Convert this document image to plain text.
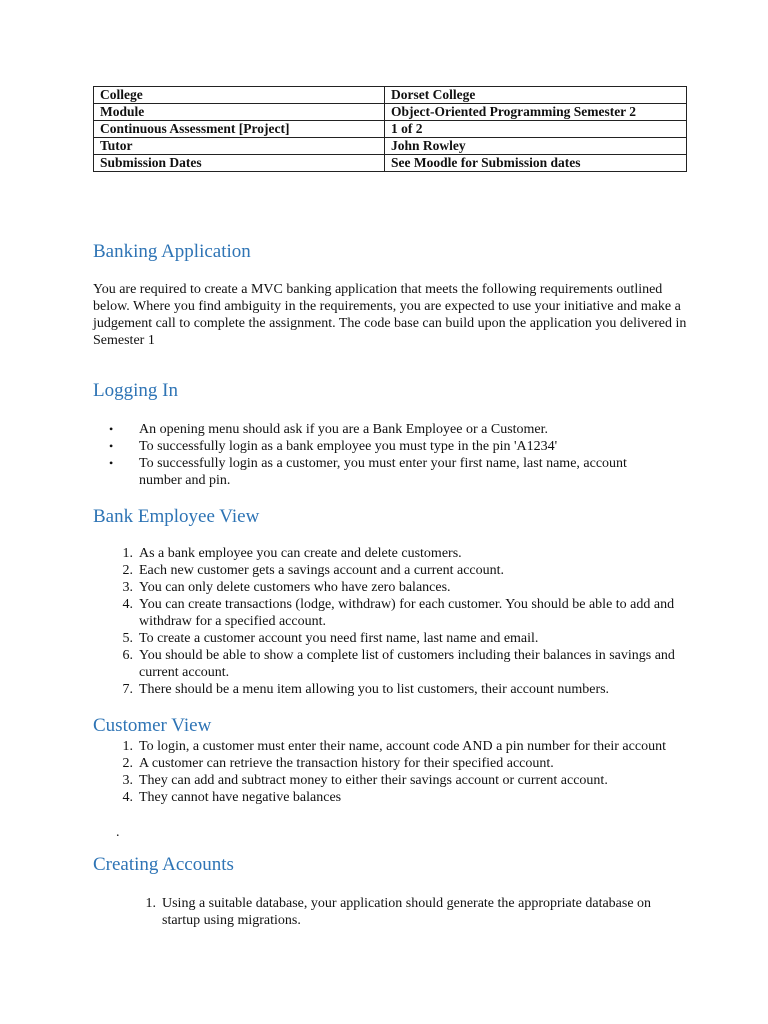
College	Dorset College
Module	Object-Oriented Programming Semester 2
Continuous Assessment [Project]	1 of 2
Tutor	John Rowley
Submission Dates	See Moodle for Submission dates
Banking Application

You are required to create a MVC banking application that meets the following requirements outlined below. Where you find ambiguity in the requirements, you are expected to use your initiative and make a judgement call to complete the assignment. The code base can build upon the application you delivered in Semester 1

Logging In
•	An opening menu should ask if you are a Bank Employee or a Customer.
•	To successfully login as a bank employee you must type in the pin 'A1234'
•	To successfully login as a customer, you must enter your first name, last name, account number and pin.
Bank Employee View
1. As a bank employee you can create and delete customers.
2. Each new customer gets a savings account and a current account.
3. You can only delete customers who have zero balances.
4. You can create transactions (lodge, withdraw) for each customer. You should be able to add and withdraw for a specified account.
5. To create a customer account you need first name, last name and email.
6. You should be able to show a complete list of customers including their balances in savings and current account.
7. There should be a menu item allowing you to list customers, their account numbers.
Customer View
1. To login, a customer must enter their name, account code AND a pin number for their account
2. A customer can retrieve the transaction history for their specified account.
3. They can add and subtract money to either their savings account or current account.
4. They cannot have negative balances
.
Creating Accounts
1. Using a suitable database, your application should generate the appropriate database on startup using migrations.
